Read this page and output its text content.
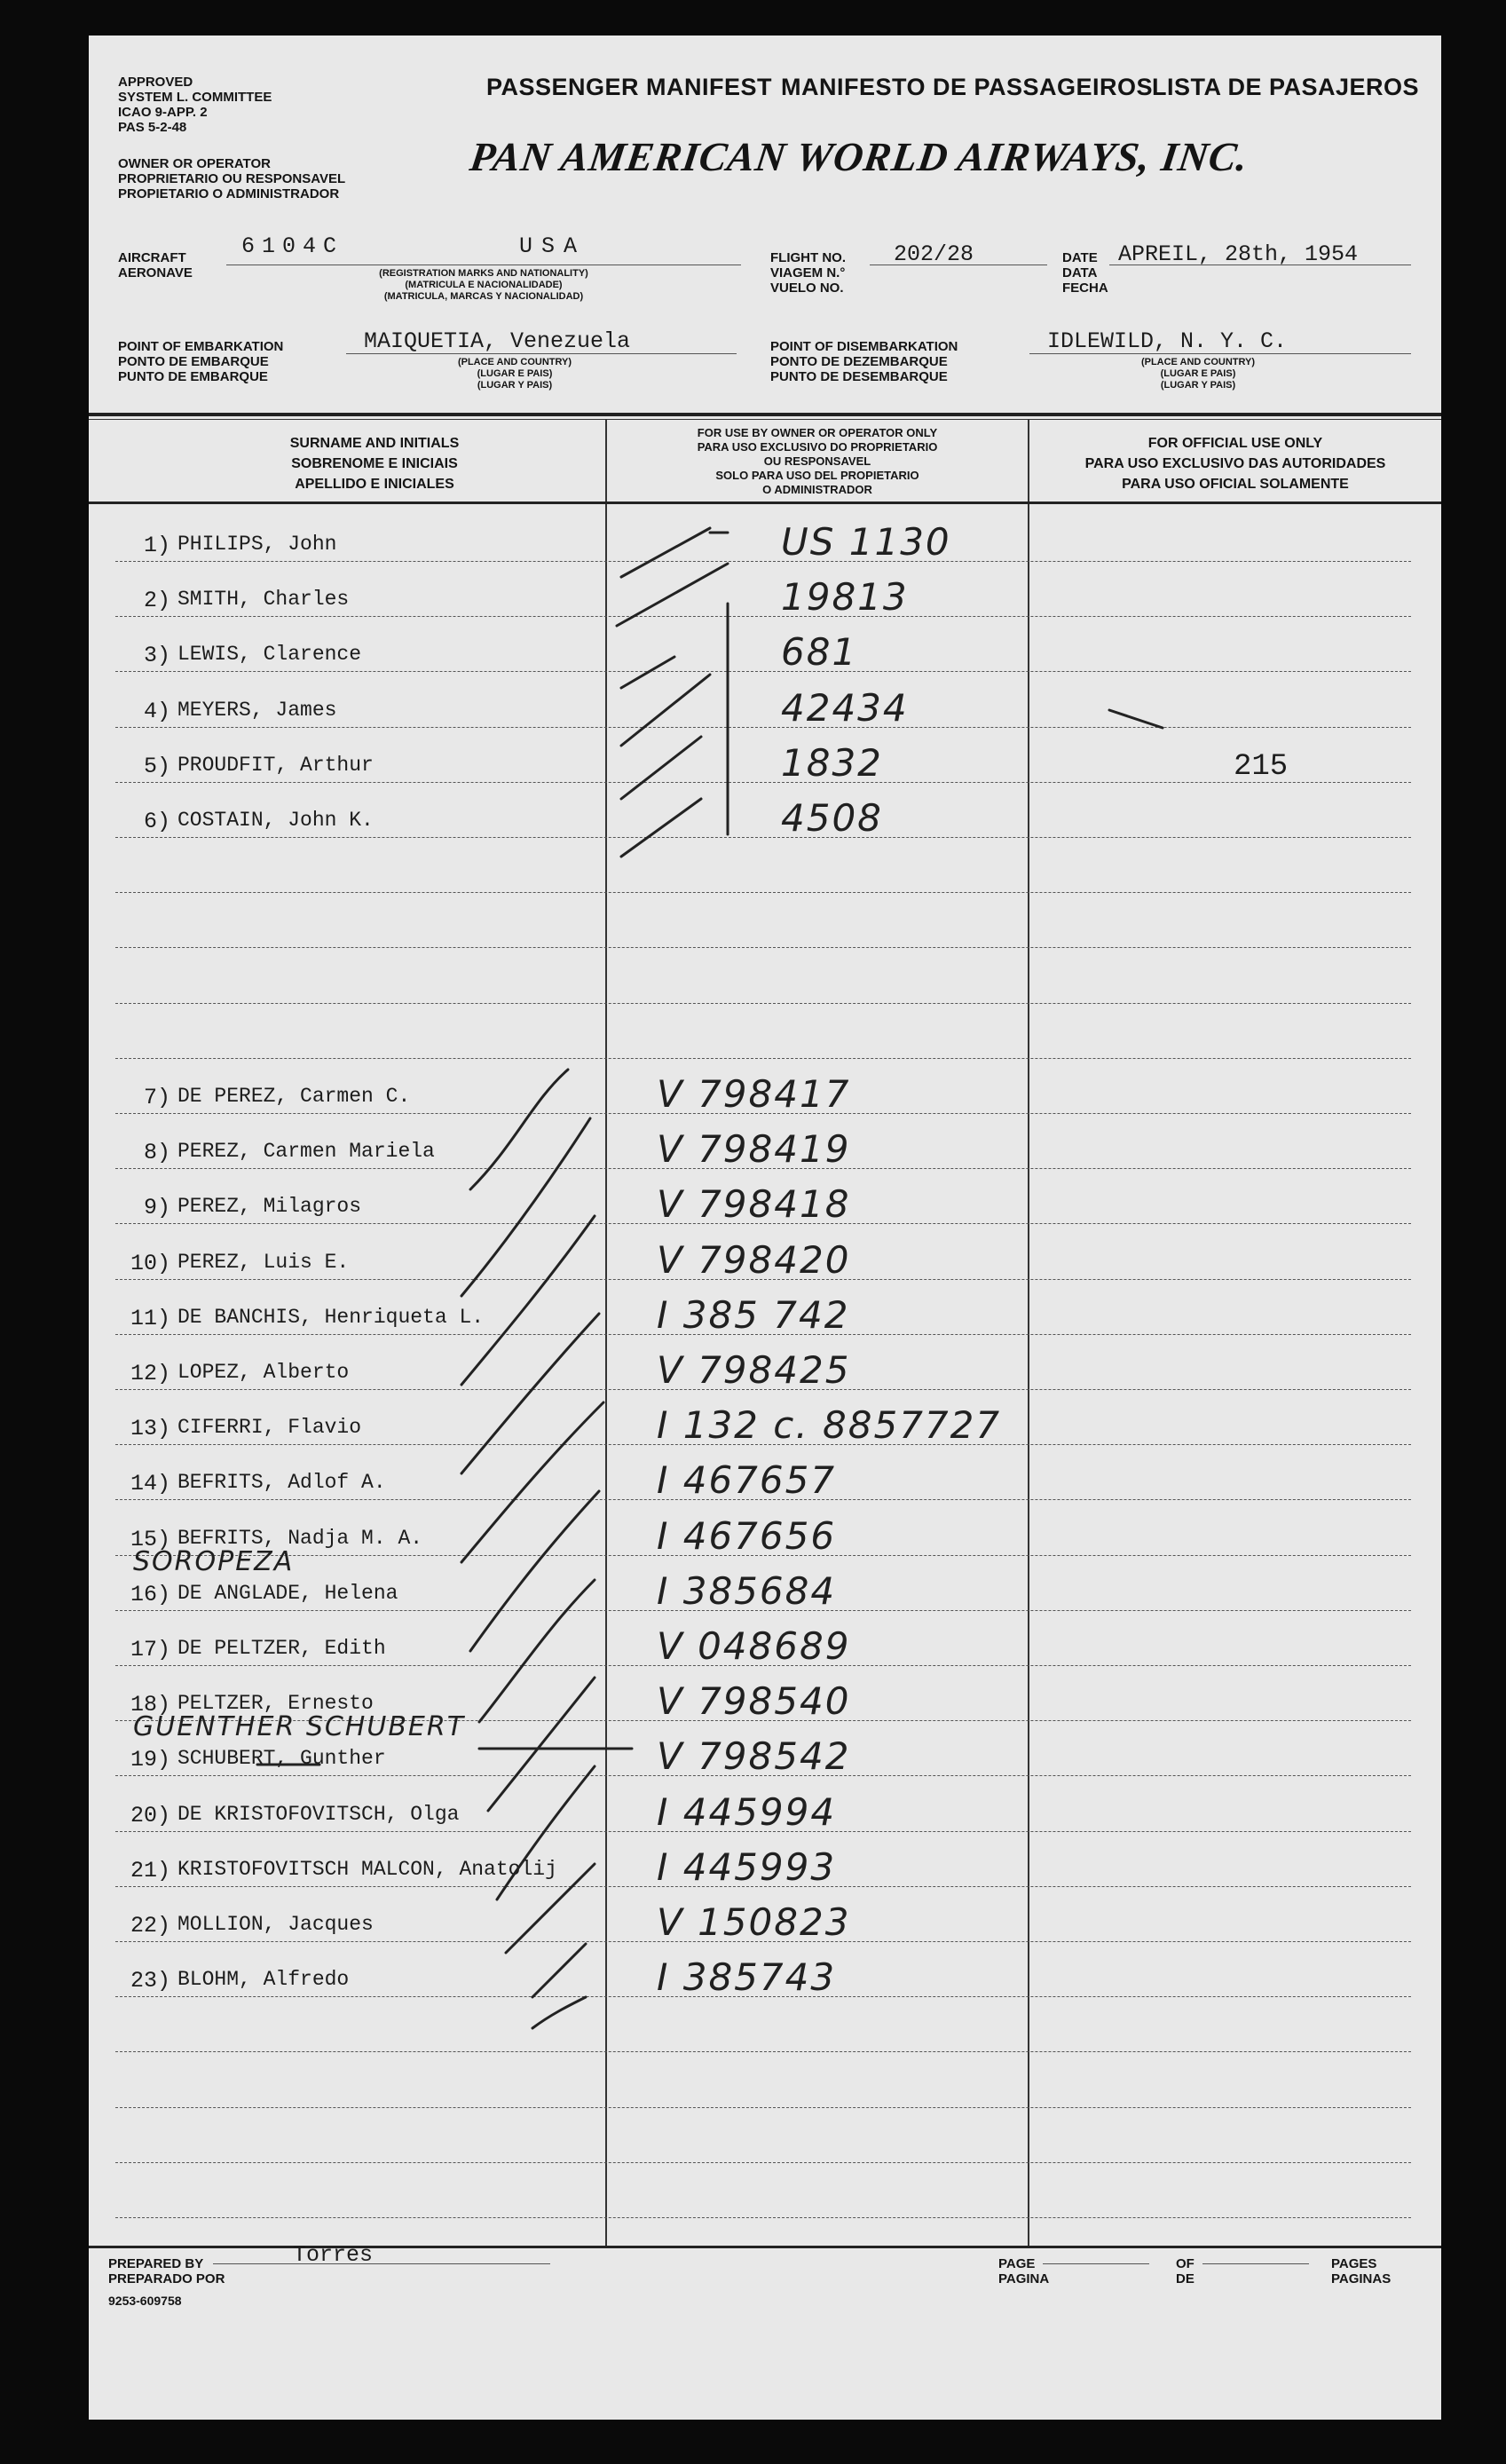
APPROVED
SYSTEM L. COMMITTEE
ICAO 9-APP. 2
PAS 5-2-48
PASSENGER MANIFEST MANIFESTO DE PASSAGEIROS
LISTA DE PASAJEROS
OWNER OR OPERATOR
PROPRIETARIO OU RESPONSAVEL
PROPIETARIO O ADMINISTRADOR
PAN AMERICAN WORLD AIRWAYS, INC.
AIRCRAFT
AERONAVE
6104C	USA
(REGISTRATION MARKS AND NATIONALITY)
(MATRICULA E NACIONALIDADE)
(MATRICULA, MARCAS Y NACIONALIDAD)
FLIGHT NO.
VIAGEM N.°
VUELO NO.
202/28	DATE
DATA
FECHA
APREIL, 28th, 1954
POINT OF EMBARKATION
PONTO DE EMBARQUE
PUNTO DE EMBARQUE
MAIQUETIA, Venezuela
(PLACE AND COUNTRY)
(LUGAR E PAIS)
(LUGAR Y PAIS)
POINT OF DISEMBARKATION
PONTO DE DEZEMBARQUE
PUNTO DE DESEMBARQUE
IDLEWILD, N. Y. C.
(PLACE AND COUNTRY)
(LUGAR E PAIS)
(LUGAR Y PAIS)
SURNAME AND INITIALS
SOBRENOME E INICIAIS
APELLIDO E INICIALES
FOR USE BY OWNER OR OPERATOR ONLY
PARA USO EXCLUSIVO DO PROPRIETARIO
OU RESPONSAVEL
SOLO PARA USO DEL PROPIETARIO
O ADMINISTRADOR
FOR OFFICIAL USE ONLY
PARA USO EXCLUSIVO DAS AUTORIDADES
PARA USO OFICIAL SOLAMENTE
1) PHILIPS, John	US 1130
2) SMITH, Charles	19813
3) LEWIS, Clarence	681
4) MEYERS, James	42434
5) PROUDFIT, Arthur	1832	215
6) COSTAIN, John K.	4508
7) DE PEREZ, Carmen C.	V 798417
8) PEREZ, Carmen Mariela	V 798419
9) PEREZ, Milagros	V 798418
10) PEREZ, Luis E.	V 798420
11) DE BANCHIS, Henriqueta L.	I 385 742
12) LOPEZ, Alberto	V 798425
13) CIFERRI, Flavio	I 132 c. 8857727
14) BEFRITS, Adlof A.	I 467657
15) BEFRITS, Nadja M. A.	I 467656
16) DE ANGLADE, Helena	I 385684
SOROPEZA
17) DE PELTZER, Edith	V 048689
18) PELTZER, Ernesto	V 798540
19) SCHUBERT, Gunther	V 798542
GUENTHER SCHUBERT
20) DE KRISTOFOVITSCH, Olga	I 445994
21) KRISTOFOVITSCH MALCON, Anatolij	I 445993
22) MOLLION, Jacques	V 150823
23) BLOHM, Alfredo	I 385743
PREPARED BY
PREPARADO POR
Torres
9253-609758
PAGE
PAGINA
OF
DE
PAGES
PAGINAS
